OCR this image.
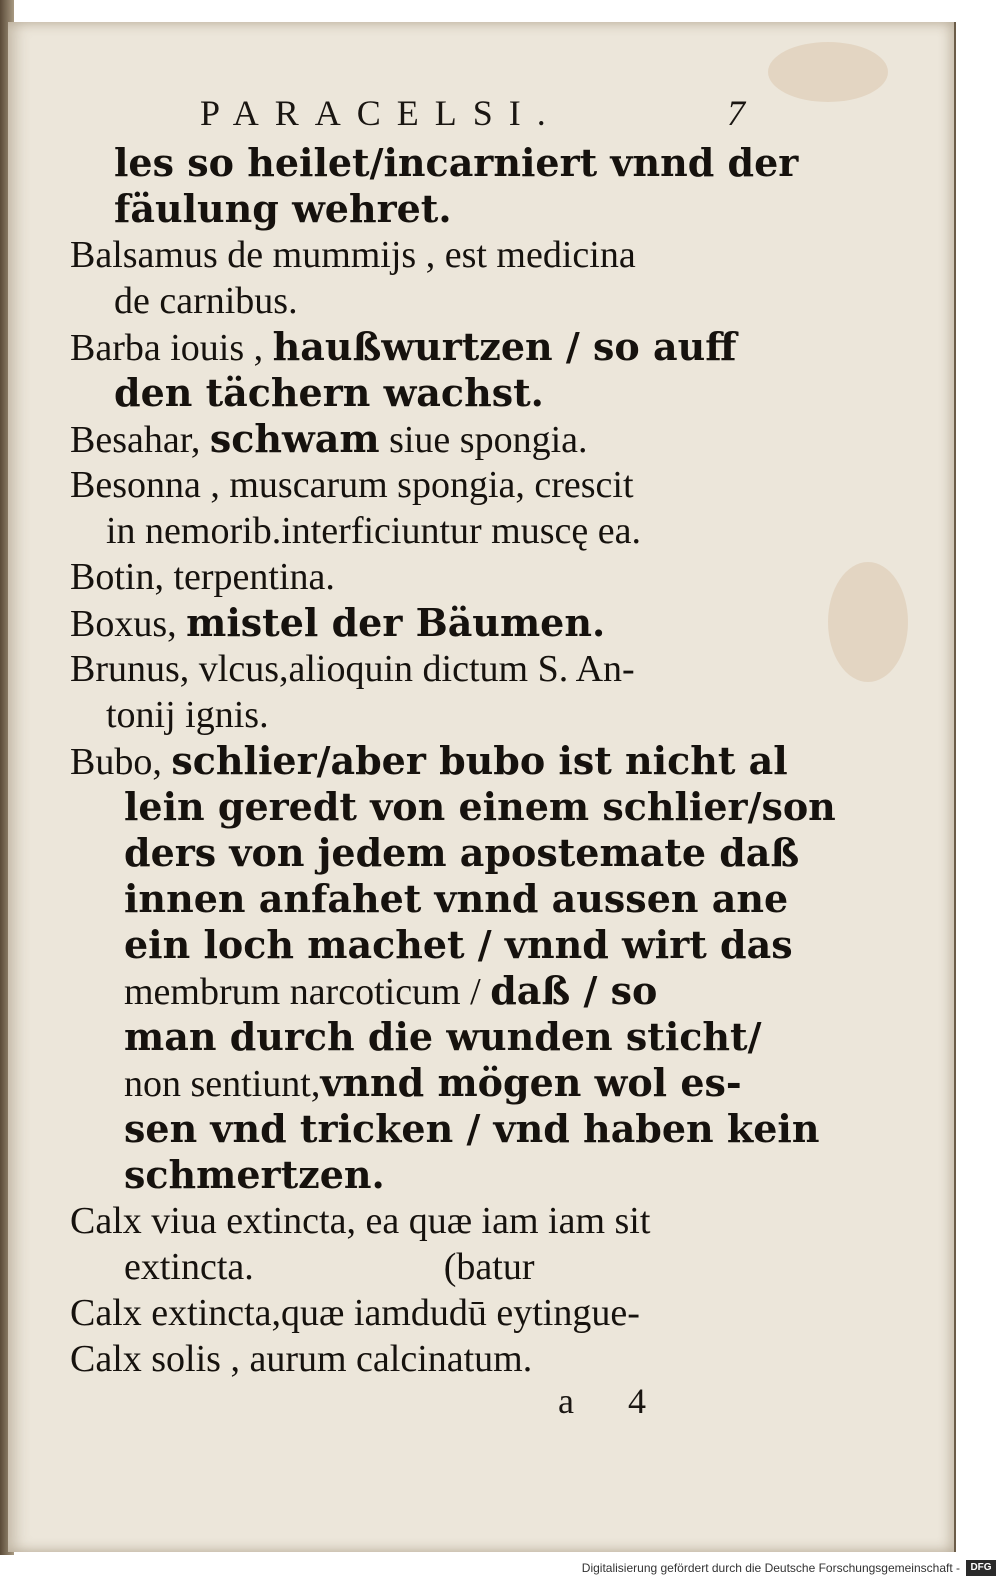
PARACELSI.	7
les so heilet/incarniert vnnd der
fäulung wehret.
Balsamus de mummijs , est medicina
de carnibus.
Barba iouis , haußwurtzen / so auff
den tächern wachst.
Besahar, schwam siue spongia.
Besonna , muscarum spongia, crescit
in nemorib.interficiuntur muscę ea.
Botin, terpentina.
Boxus, mistel der Bäumen.
Brunus, vlcus,alioquin dictum S. An-
tonij ignis.
Bubo, schlier/aber bubo ist nicht al
lein geredt von einem schlier/son
ders von jedem apostemate daß
innen anfahet vnnd aussen ane
ein loch machet / vnnd wirt das
membrum narcoticum / daß / so
man durch die wunden sticht/
non sentiunt,vnnd mögen wol es-
sen vnd tricken / vnd haben kein
schmertzen.
Calx viua extincta, ea quæ iam iam sit
extincta.                    (batur
Calx extincta,quæ iamdudū eytingue-
Calx solis , aurum calcinatum.
a 4
Digitalisierung gefördert durch die Deutsche Forschungsgemeinschaft -	DFG
